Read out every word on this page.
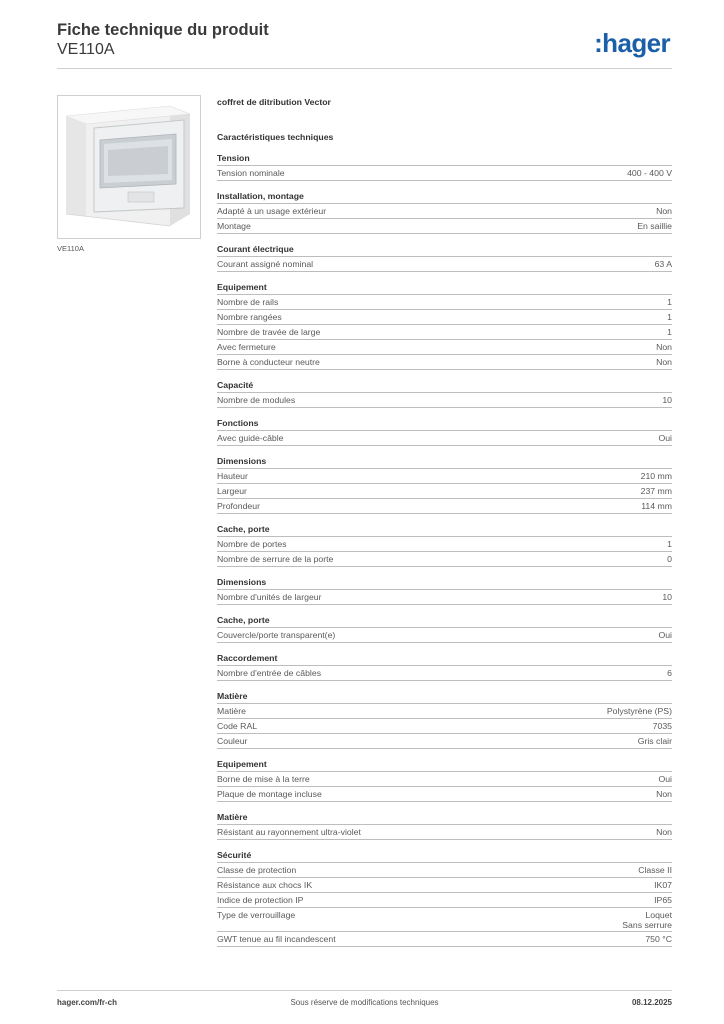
Fiche technique du produit
VE110A	:hager
VE110A
coffret de ditribution Vector
Caractéristiques techniques
Tension
Tension nominale	400 - 400 V
Installation, montage
Adapté à un usage extérieur	Non
Montage	En saillie
Courant électrique
Courant assigné nominal	63 A
Equipement
Nombre de rails	1
Nombre rangées	1
Nombre de travée de large	1
Avec fermeture	Non
Borne à conducteur neutre	Non
Capacité
Nombre de modules	10
Fonctions
Avec guide-câble	Oui
Dimensions
Hauteur	210 mm
Largeur	237 mm
Profondeur	114 mm
Cache, porte
Nombre de portes	1
Nombre de serrure de la porte	0
Dimensions
Nombre d'unités de largeur	10
Cache, porte
Couvercle/porte transparent(e)	Oui
Raccordement
Nombre d'entrée de câbles	6
Matière
Matière	Polystyrène (PS)
Code RAL	7035
Couleur	Gris clair
Equipement
Borne de mise à la terre	Oui
Plaque de montage incluse	Non
Matière
Résistant au rayonnement ultra-violet	Non
Sécurité
Classe de protection	Classe II
Résistance aux chocs IK	IK07
Indice de protection IP	IP65
Type de verrouillage	Loquet
Sans serrure
GWT tenue au fil incandescent	750 °C
hager.com/fr-ch	Sous réserve de modifications techniques	08.12.2025
